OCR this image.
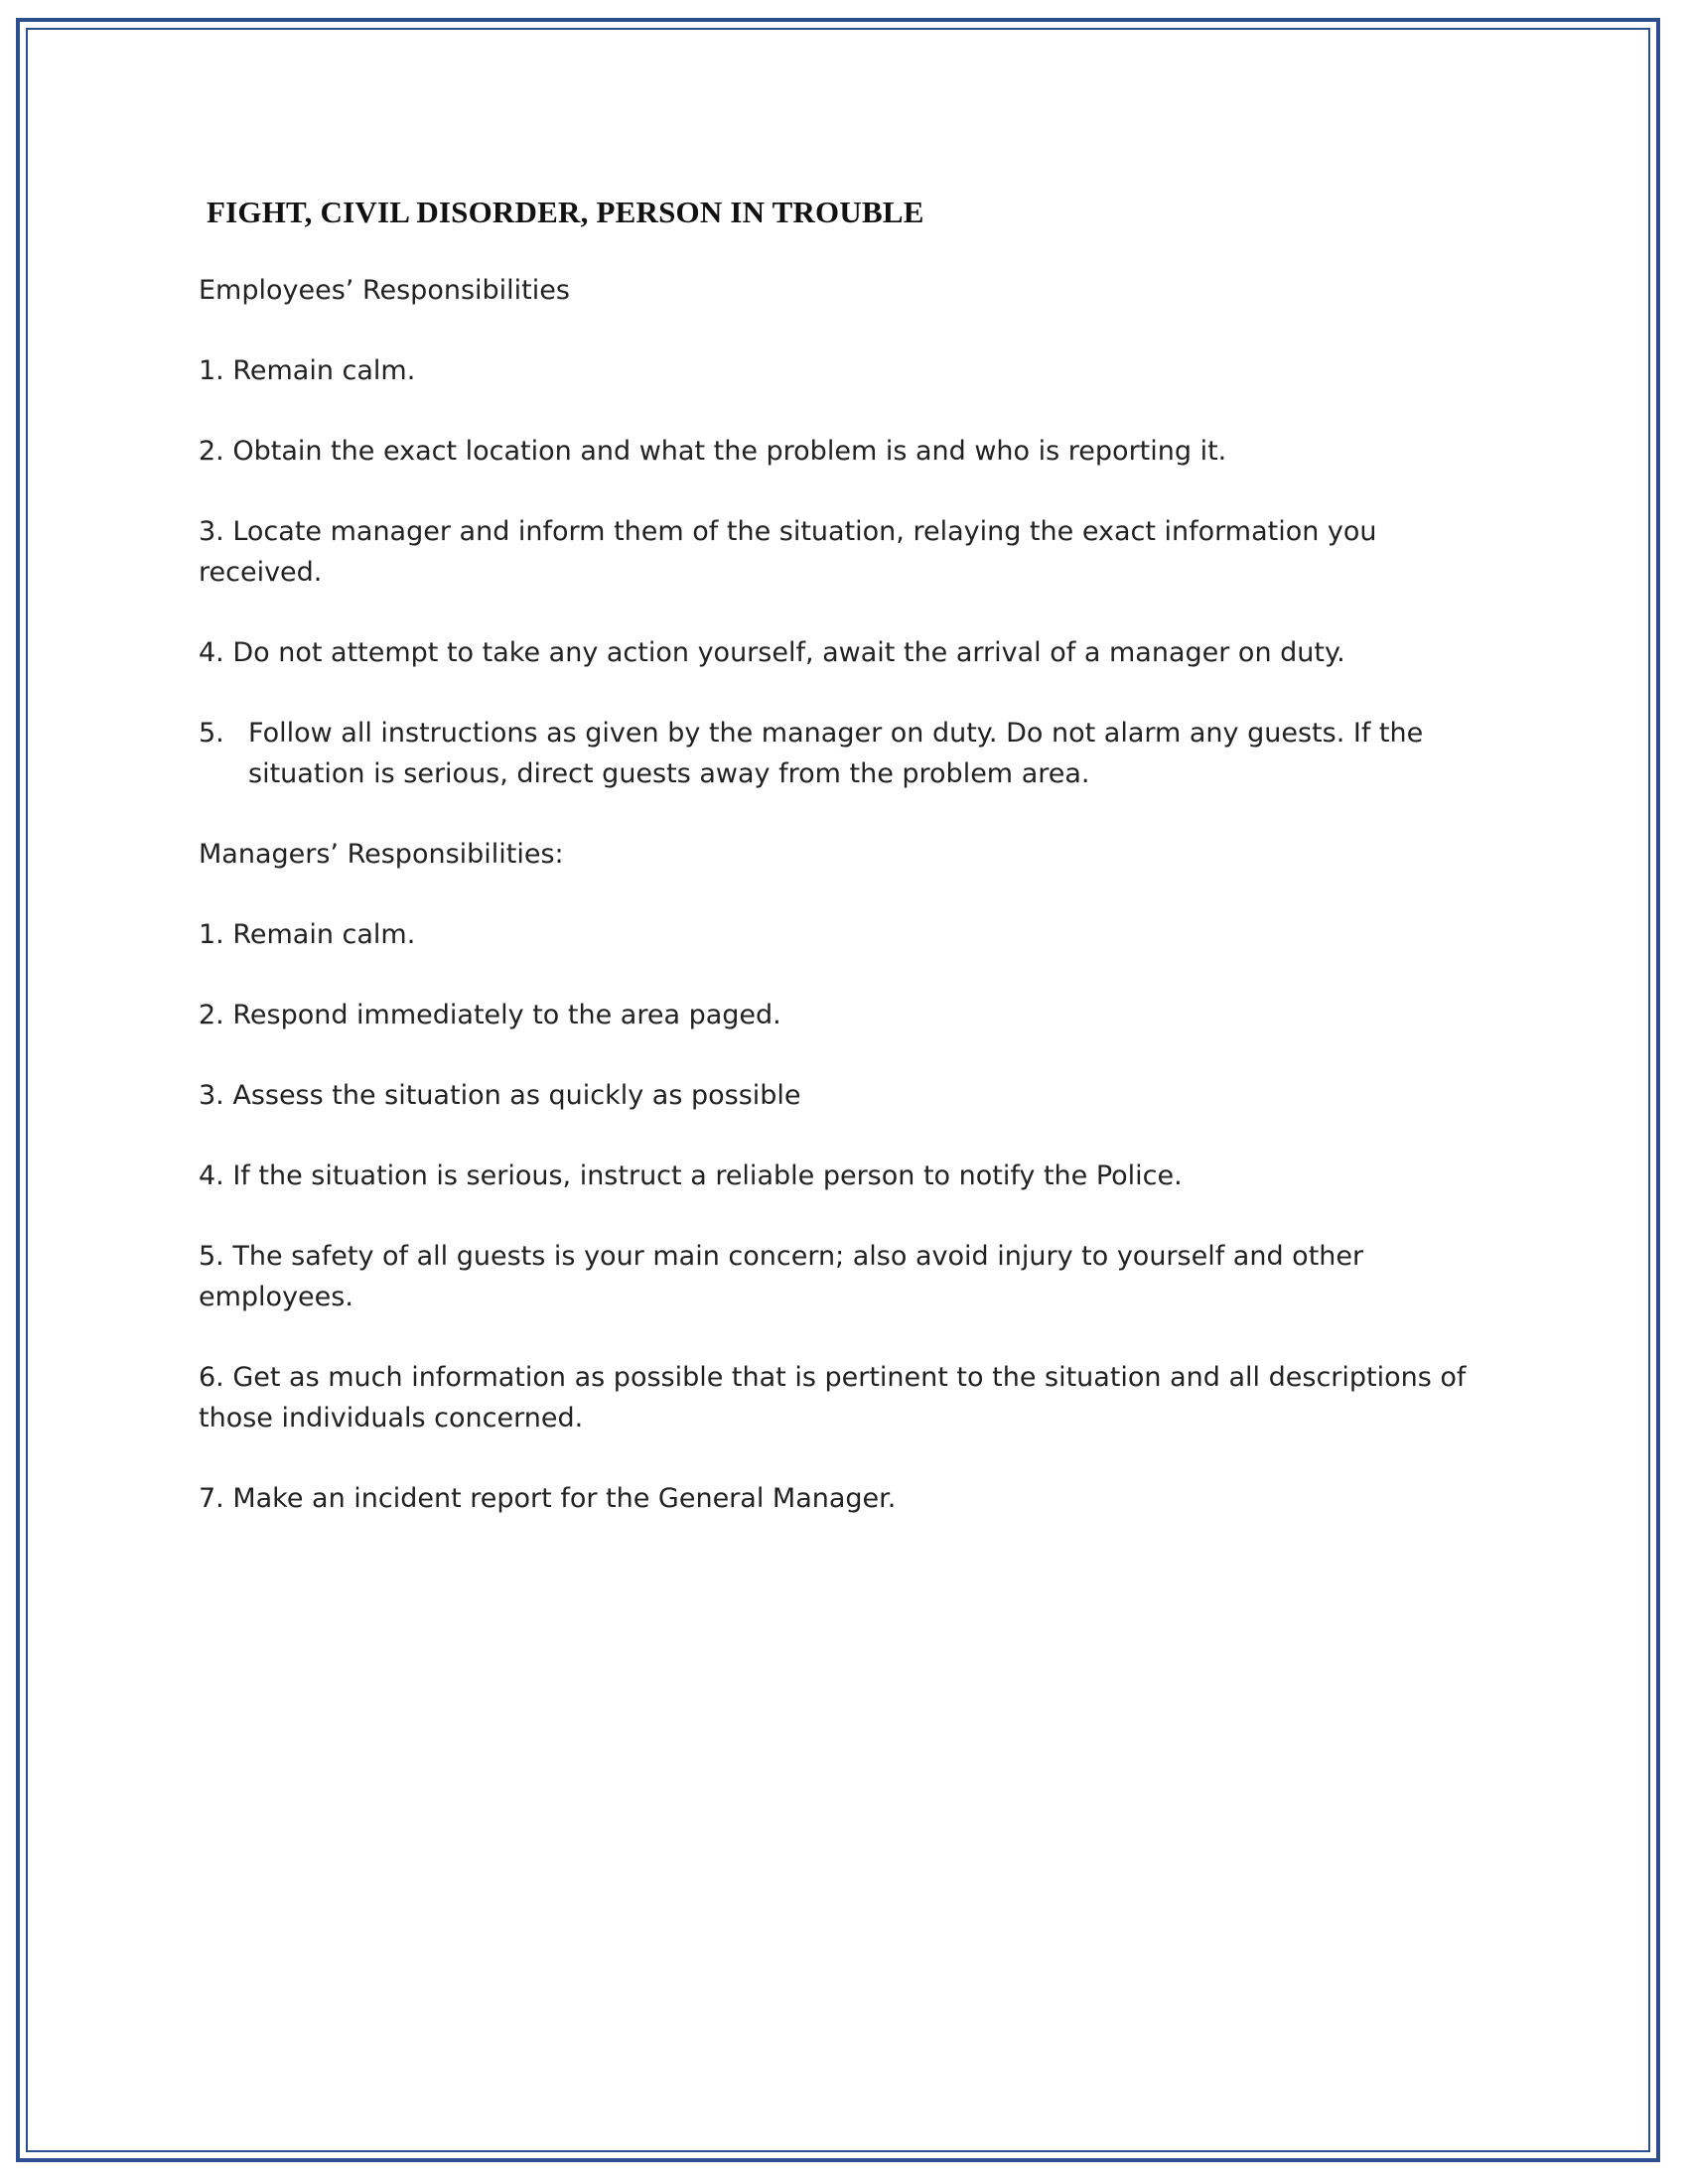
FIGHT, CIVIL DISORDER, PERSON IN TROUBLE
Employees’ Responsibilities
1. Remain calm.
2. Obtain the exact location and what the problem is and who is reporting it.
3. Locate manager and inform them of the situation, relaying the exact information you received.
4. Do not attempt to take any action yourself, await the arrival of a manager on duty.
5. Follow all instructions as given by the manager on duty. Do not alarm any guests. If the situation is serious, direct guests away from the problem area.
Managers’ Responsibilities:
1. Remain calm.
2. Respond immediately to the area paged.
3. Assess the situation as quickly as possible
4. If the situation is serious, instruct a reliable person to notify the Police.
5. The safety of all guests is your main concern; also avoid injury to yourself and other employees.
6. Get as much information as possible that is pertinent to the situation and all descriptions of those individuals concerned.
7. Make an incident report for the General Manager.
